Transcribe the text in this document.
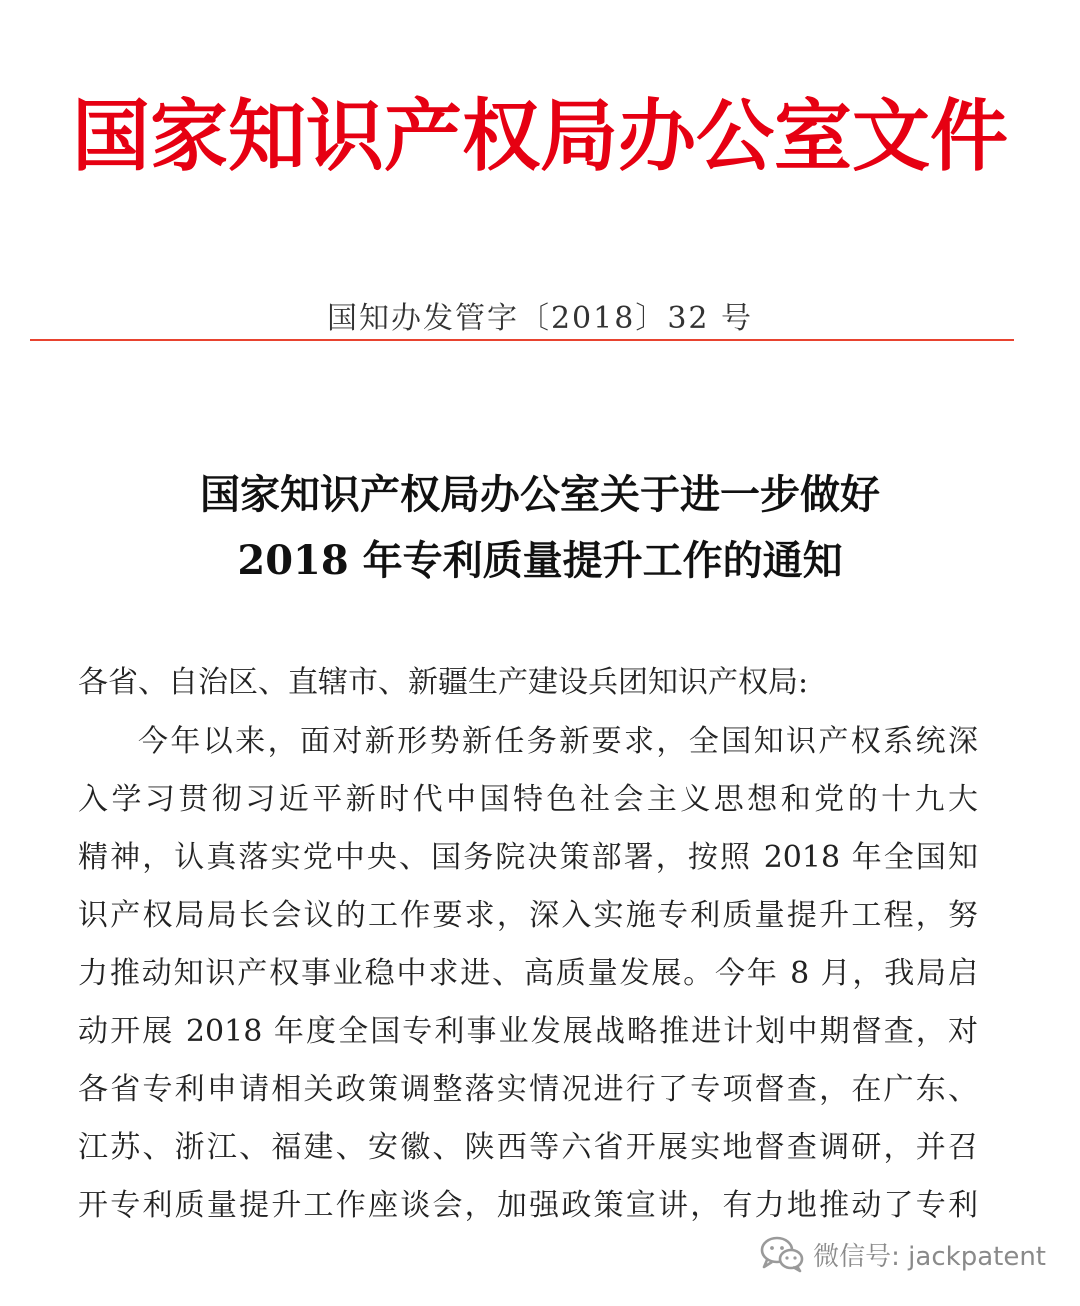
国家知识产权局办公室文件
国知办发管字〔2018〕32 号
国家知识产权局办公室关于进一步做好
2018 年专利质量提升工作的通知
各省、自治区、直辖市、新疆生产建设兵团知识产权局:
今年以来，面对新形势新任务新要求，全国知识产权系统深
入学习贯彻习近平新时代中国特色社会主义思想和党的十九大
精神，认真落实党中央、国务院决策部署，按照 2018 年全国知
识产权局局长会议的工作要求，深入实施专利质量提升工程，努
力推动知识产权事业稳中求进、高质量发展。今年 8 月，我局启
动开展 2018 年度全国专利事业发展战略推进计划中期督查，对
各省专利申请相关政策调整落实情况进行了专项督查，在广东、
江苏、浙江、福建、安徽、陕西等六省开展实地督查调研，并召
开专利质量提升工作座谈会，加强政策宣讲，有力地推动了专利
微信号: jackpatent
